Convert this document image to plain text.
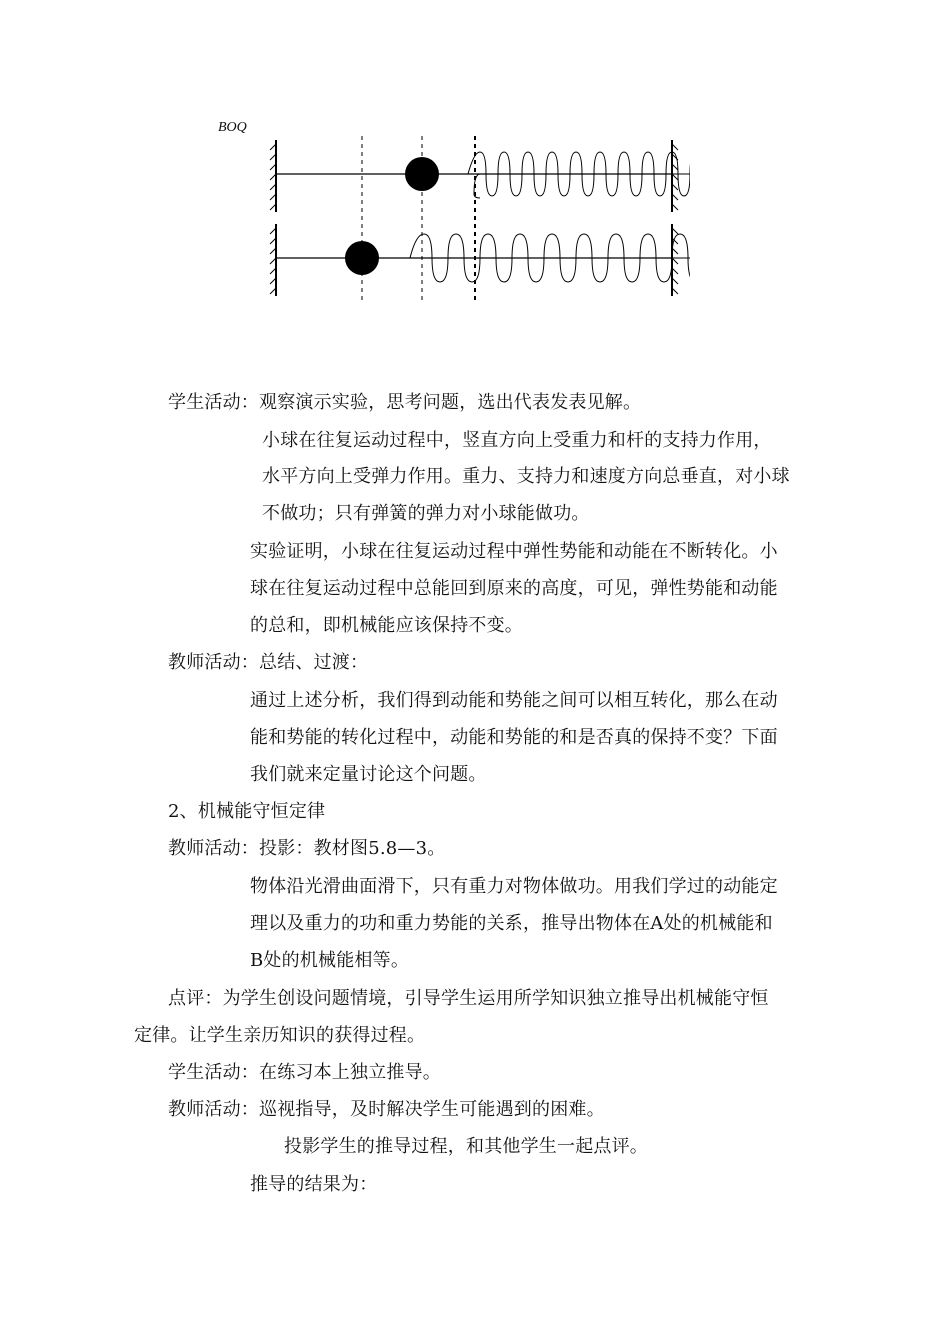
BOQ
学生活动：观察演示实验，思考问题，选出代表发表见解。
小球在往复运动过程中，竖直方向上受重力和杆的支持力作用，
水平方向上受弹力作用。重力、支持力和速度方向总垂直，对小球
不做功；只有弹簧的弹力对小球能做功。
实验证明，小球在往复运动过程中弹性势能和动能在不断转化。小
球在往复运动过程中总能回到原来的高度，可见，弹性势能和动能
的总和，即机械能应该保持不变。
教师活动：总结、过渡：
通过上述分析，我们得到动能和势能之间可以相互转化，那么在动
能和势能的转化过程中，动能和势能的和是否真的保持不变？下面
我们就来定量讨论这个问题。
2、机械能守恒定律
教师活动：投影：教材图5.8—3。
物体沿光滑曲面滑下，只有重力对物体做功。用我们学过的动能定
理以及重力的功和重力势能的关系，推导出物体在A处的机械能和
B处的机械能相等。
点评：为学生创设问题情境，引导学生运用所学知识独立推导出机械能守恒
定律。让学生亲历知识的获得过程。
学生活动：在练习本上独立推导。
教师活动：巡视指导，及时解决学生可能遇到的困难。
投影学生的推导过程，和其他学生一起点评。
推导的结果为：
